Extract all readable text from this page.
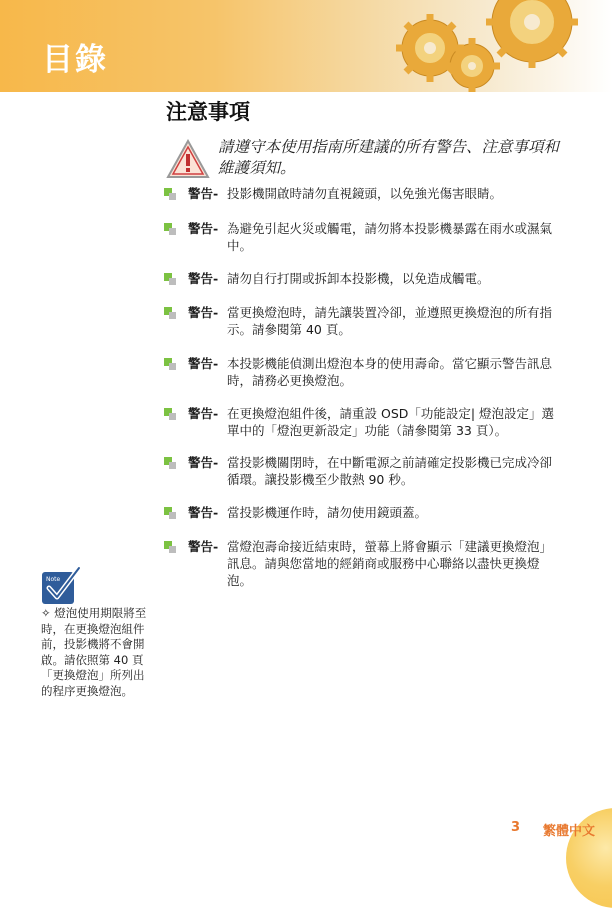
目錄
注意事項
請遵守本使用指南所建議的所有警告、注意事項和維護須知。
警告- 投影機開啟時請勿直視鏡頭，以免強光傷害眼睛。
警告- 為避免引起火災或觸電，請勿將本投影機暴露在雨水或濕氣中。
警告- 請勿自行打開或拆卸本投影機，以免造成觸電。
警告- 當更換燈泡時，請先讓裝置冷卻，並遵照更換燈泡的所有指示。請參閱第 40 頁。
警告- 本投影機能偵測出燈泡本身的使用壽命。當它顯示警告訊息時，請務必更換燈泡。
警告- 在更換燈泡組件後，請重設 OSD「功能設定| 燈泡設定」選單中的「燈泡更新設定」功能（請參閱第 33 頁）。
警告- 當投影機關閉時，在中斷電源之前請確定投影機已完成冷卻循環。讓投影機至少散熱 90 秒。
警告- 當投影機運作時，請勿使用鏡頭蓋。
警告- 當燈泡壽命接近結束時，螢幕上將會顯示「建議更換燈泡」訊息。請與您當地的經銷商或服務中心聯絡以盡快更換燈泡。
Note
✧ 燈泡使用期限將至時，在更換燈泡組件前，投影機將不會開啟。請依照第 40 頁「更換燈泡」所列出的程序更換燈泡。
3 繁體中文
